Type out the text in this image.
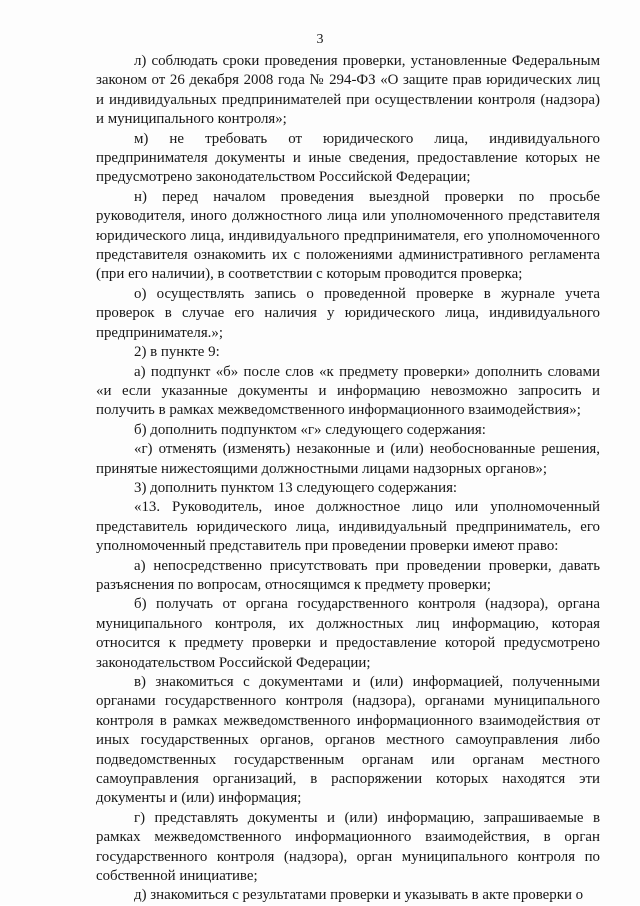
3

л) соблюдать сроки проведения проверки, установленные Федеральным законом от 26 декабря 2008 года № 294-ФЗ «О защите прав юридических лиц и индивидуальных предпринимателей при осуществлении контроля (надзора) и муниципального контроля»;

м) не требовать от юридического лица, индивидуального предпринимателя документы и иные сведения, предоставление которых не предусмотрено законодательством Российской Федерации;

н) перед началом проведения выездной проверки по просьбе руководителя, иного должностного лица или уполномоченного представителя юридического лица, индивидуального предпринимателя, его уполномоченного представителя ознакомить их с положениями административного регламента (при его наличии), в соответствии с которым проводится проверка;

о) осуществлять запись о проведенной проверке в журнале учета проверок в случае его наличия у юридического лица, индивидуального предпринимателя.»;

2) в пункте 9:

а) подпункт «б» после слов «к предмету проверки» дополнить словами «и если указанные документы и информацию невозможно запросить и получить в рамках межведомственного информационного взаимодействия»;

б) дополнить подпунктом «г» следующего содержания:

«г) отменять (изменять) незаконные и (или) необоснованные решения, принятые нижестоящими должностными лицами надзорных органов»;

3) дополнить пунктом 13 следующего содержания:

«13. Руководитель, иное должностное лицо или уполномоченный представитель юридического лица, индивидуальный предприниматель, его уполномоченный представитель при проведении проверки имеют право:

а) непосредственно присутствовать при проведении проверки, давать разъяснения по вопросам, относящимся к предмету проверки;

б) получать от органа государственного контроля (надзора), органа муниципального контроля, их должностных лиц информацию, которая относится к предмету проверки и предоставление которой предусмотрено законодательством Российской Федерации;

в) знакомиться с документами и (или) информацией, полученными органами государственного контроля (надзора), органами муниципального контроля в рамках межведомственного информационного взаимодействия от иных государственных органов, органов местного самоуправления либо подведомственных государственным органам или органам местного самоуправления организаций, в распоряжении которых находятся эти документы и (или) информация;

г) представлять документы и (или) информацию, запрашиваемые в рамках межведомственного информационного взаимодействия, в орган государственного контроля (надзора), орган муниципального контроля по собственной инициативе;

д) знакомиться с результатами проверки и указывать в акте проверки о
